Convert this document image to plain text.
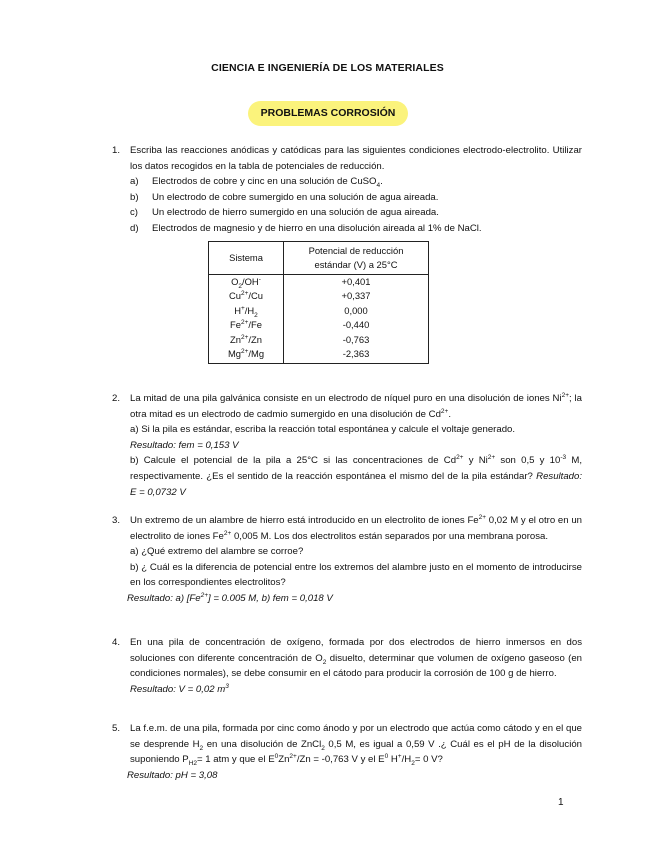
CIENCIA E INGENIERÍA DE LOS MATERIALES
PROBLEMAS CORROSIÓN
1.	Escriba las reacciones anódicas y catódicas para las siguientes condiciones electrodo-electrolito. Utilizar los datos recogidos en la tabla de potenciales de reducción.

a) Electrodos de cobre y cinc en una solución de CuSO$_4$.

b) Un electrodo de cobre sumergido en una solución de agua aireada.

c) Un electrodo de hierro sumergido en una solución de agua aireada.

d) Electrodos de magnesio y de hierro en una disolución aireada al 1% de NaCl.

Sistema	Potencial de reducción estándar (V) a 25°C
$O_2/OH^-$	+0,401
$Cu^{2+}/Cu$	+0,337
$H^+/H_2$	0,000
$Fe^{2+}/Fe$	-0,440
$Zn^{2+}/Zn$	-0,763
$Mg^{2+}/Mg$	-2,363
2.	La mitad de una pila galvánica consiste en un electrodo de níquel puro en una disolución de iones $Ni^{2+}$; la otra mitad es un electrodo de cadmio sumergido en una disolución de $Cd^{2+}$.

a) Si la pila es estándar, escriba la reacción total espontánea y calcule el voltaje generado.

Resultado: fem = 0,153 V

b) Calcule el potencial de la pila a 25°C si las concentraciones de $Cd^{2+}$ y $Ni^{2+}$ son 0,5 y $10^{-3}$ M, respectivamente. ¿Es el sentido de la reacción espontánea el mismo del de la pila estándar? Resultado: E = 0,0732 V

3.	Un extremo de un alambre de hierro está introducido en un electrolito de iones $Fe^{2+}$ 0,02 M y el otro en un electrolito de iones $Fe^{2+}$ 0,005 M. Los dos electrolitos están separados por una membrana porosa.

a) ¿Qué extremo del alambre se corroe?

b) ¿ Cuál es la diferencia de potencial entre los extremos del alambre justo en el momento de introducirse en los correspondientes electrolitos?

Resultado: a) $[Fe^{2+}] = 0.005$ M, b) fem = 0,018 V

4.	En una pila de concentración de oxígeno, formada por dos electrodos de hierro inmersos en dos soluciones con diferente concentración de $O_2$ disuelto, determinar que volumen de oxígeno gaseoso (en condiciones normales), se debe consumir en el cátodo para producir la corrosión de 100 g de hierro.

Resultado: V = 0,02 $m^3$

5.	La f.e.m. de una pila, formada por cinc como ánodo y por un electrodo que actúa como cátodo y en el que se desprende $H_2$ en una disolución de ZnCl$_2$ 0,5 M, es igual a 0,59 V .¿ Cuál es el pH de la disolución suponiendo $P_{H2}= 1$ atm y que el $E^0Zn^{2+}/Zn = -0,763$ V y el $E^0$ $H^+/H_2= 0$ V?

Resultado: pH = 3,08

1
